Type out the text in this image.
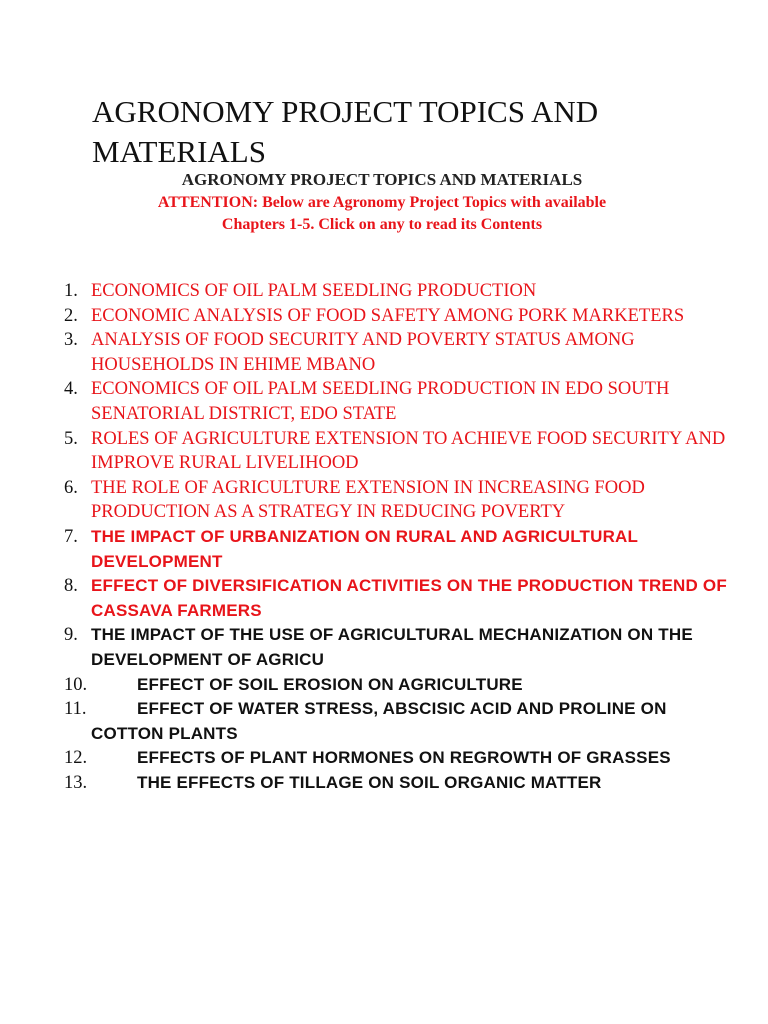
AGRONOMY PROJECT TOPICS AND MATERIALS

AGRONOMY PROJECT TOPICS AND MATERIALS

ATTENTION: Below are Agronomy Project Topics with available

Chapters 1-5. Click on any to read its Contents

1. ECONOMICS OF OIL PALM SEEDLING PRODUCTION
2. ECONOMIC ANALYSIS OF FOOD SAFETY AMONG PORK MARKETERS
3. ANALYSIS OF FOOD SECURITY AND POVERTY STATUS AMONG HOUSEHOLDS IN EHIME MBANO
4. ECONOMICS OF OIL PALM SEEDLING PRODUCTION IN EDO SOUTH SENATORIAL DISTRICT, EDO STATE
5. ROLES OF AGRICULTURE EXTENSION TO ACHIEVE FOOD SECURITY AND IMPROVE RURAL LIVELIHOOD
6. THE ROLE OF AGRICULTURE EXTENSION IN INCREASING FOOD PRODUCTION AS A STRATEGY IN REDUCING POVERTY
7. THE IMPACT OF URBANIZATION ON RURAL AND AGRICULTURAL DEVELOPMENT
8. EFFECT OF DIVERSIFICATION ACTIVITIES ON THE PRODUCTION TREND OF CASSAVA FARMERS
9. THE IMPACT OF THE USE OF AGRICULTURAL MECHANIZATION ON THE DEVELOPMENT OF AGRICU
10.	EFFECT OF SOIL EROSION ON AGRICULTURE
11.	EFFECT OF WATER STRESS, ABSCISIC ACID AND PROLINE ON COTTON PLANTS
12.	EFFECTS OF PLANT HORMONES ON REGROWTH OF GRASSES
13.	THE EFFECTS OF TILLAGE ON SOIL ORGANIC MATTER
